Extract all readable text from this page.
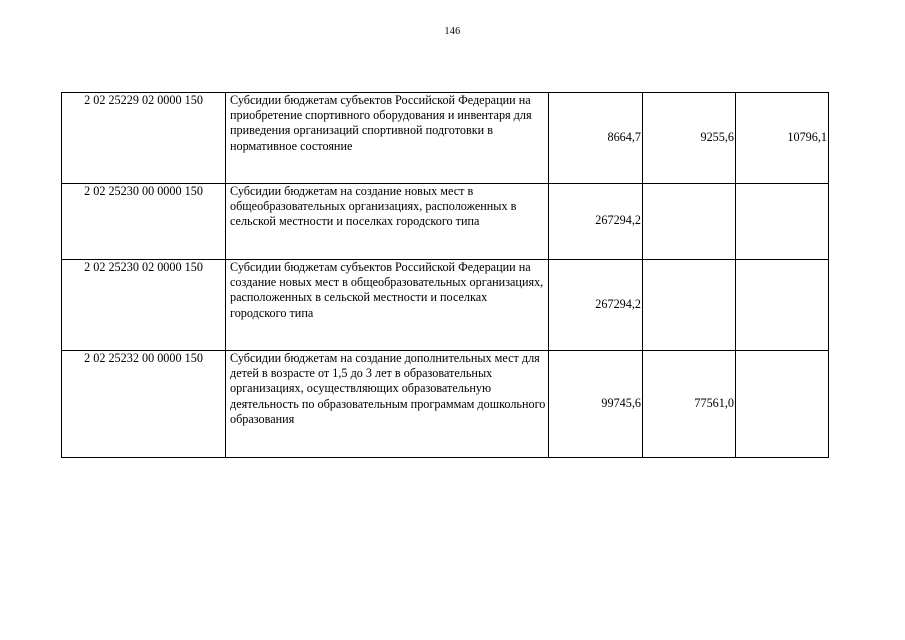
146
2 02 25229 02 0000 150	Субсидии бюджетам субъектов Российской Федерации на приобретение спортивного оборудования и инвентаря для приведения организаций спортивной подготовки в нормативное состояние	8664,7	9255,6	10796,1
2 02 25230 00 0000 150	Субсидии бюджетам на создание новых мест в общеобразовательных организациях, расположенных в сельской местности и поселках городского типа	267294,2		
2 02 25230 02 0000 150	Субсидии бюджетам субъектов Российской Федерации на создание новых мест в общеобразовательных организациях, расположенных в сельской местности и поселках городского типа	267294,2		
2 02 25232 00 0000 150	Субсидии бюджетам на создание дополнительных мест для детей в возрасте от 1,5 до 3 лет в образовательных организациях, осуществляющих образовательную деятельность по образовательным программам дошкольного образования	99745,6	77561,0	
